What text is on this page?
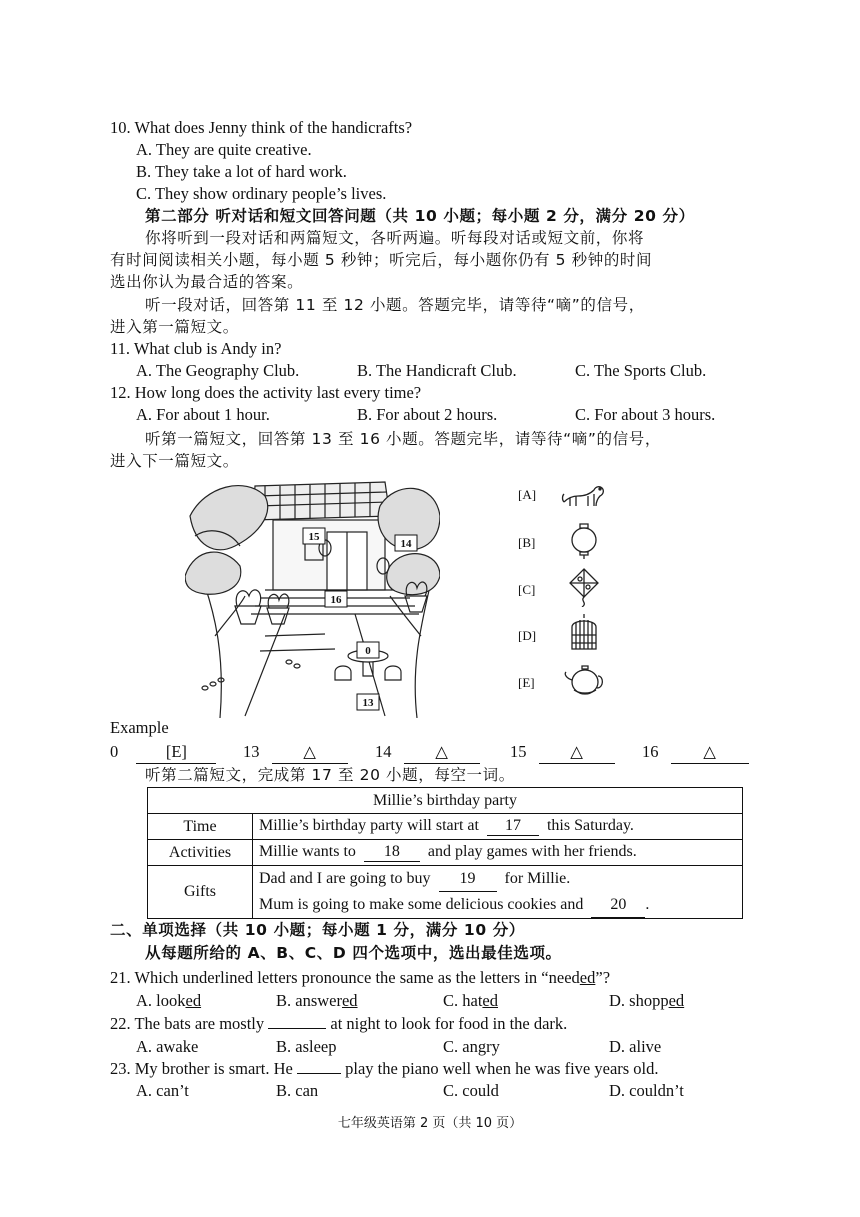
10. What does Jenny think of the handicrafts?
A. They are quite creative.
B. They take a lot of hard work.
C. They show ordinary people’s lives.
第二部分 听对话和短文回答问题（共 10 小题；每小题 2 分，满分 20 分）
你将听到一段对话和两篇短文，各听两遍。听每段对话或短文前，你将
有时间阅读相关小题，每小题 5 秒钟；听完后，每小题你仍有 5 秒钟的时间
选出你认为最合适的答案。
听一段对话，回答第 11 至 12 小题。答题完毕，请等待“嘀”的信号，
进入第一篇短文。
11. What club is Andy in?
A. The Geography Club.	B. The Handicraft Club.	C. The Sports Club.
12. How long does the activity last every time?
A. For about 1 hour.	B. For about 2 hours.	C. For about 3 hours.
听第一篇短文，回答第 13 至 16 小题。答题完毕，请等待“嘀”的信号，
进入下一篇短文。
15
14
16
0
13
[A]
[B]
[C]
[D]
[E]
Example
0	[E]	13	△	14	△	15	△	16	△
听第二篇短文，完成第 17 至 20 小题，每空一词。
Millie’s birthday party	
Time	Millie’s birthday party will start at 17 this Saturday.
Activities	Millie wants to 18 and play games with her friends.
Gifts	Dad and I are going to buy 19 for Millie.
Mum is going to make some delicious cookies and 20 .
二、单项选择（共 10 小题；每小题 1 分，满分 10 分）
从每题所给的 A、B、C、D 四个选项中，选出最佳选项。
21. Which underlined letters pronounce the same as the letters in “needed”?
A. looked	B. answered	C. hated	D. shopped
22. The bats are mostly	at night to look for food in the dark.
A. awake	B. asleep	C. angry	D. alive
23. My brother is smart. He	play the piano well when he was five years old.
A. can’t	B. can	C. could	D. couldn’t
七年级英语第 2 页（共 10 页）
